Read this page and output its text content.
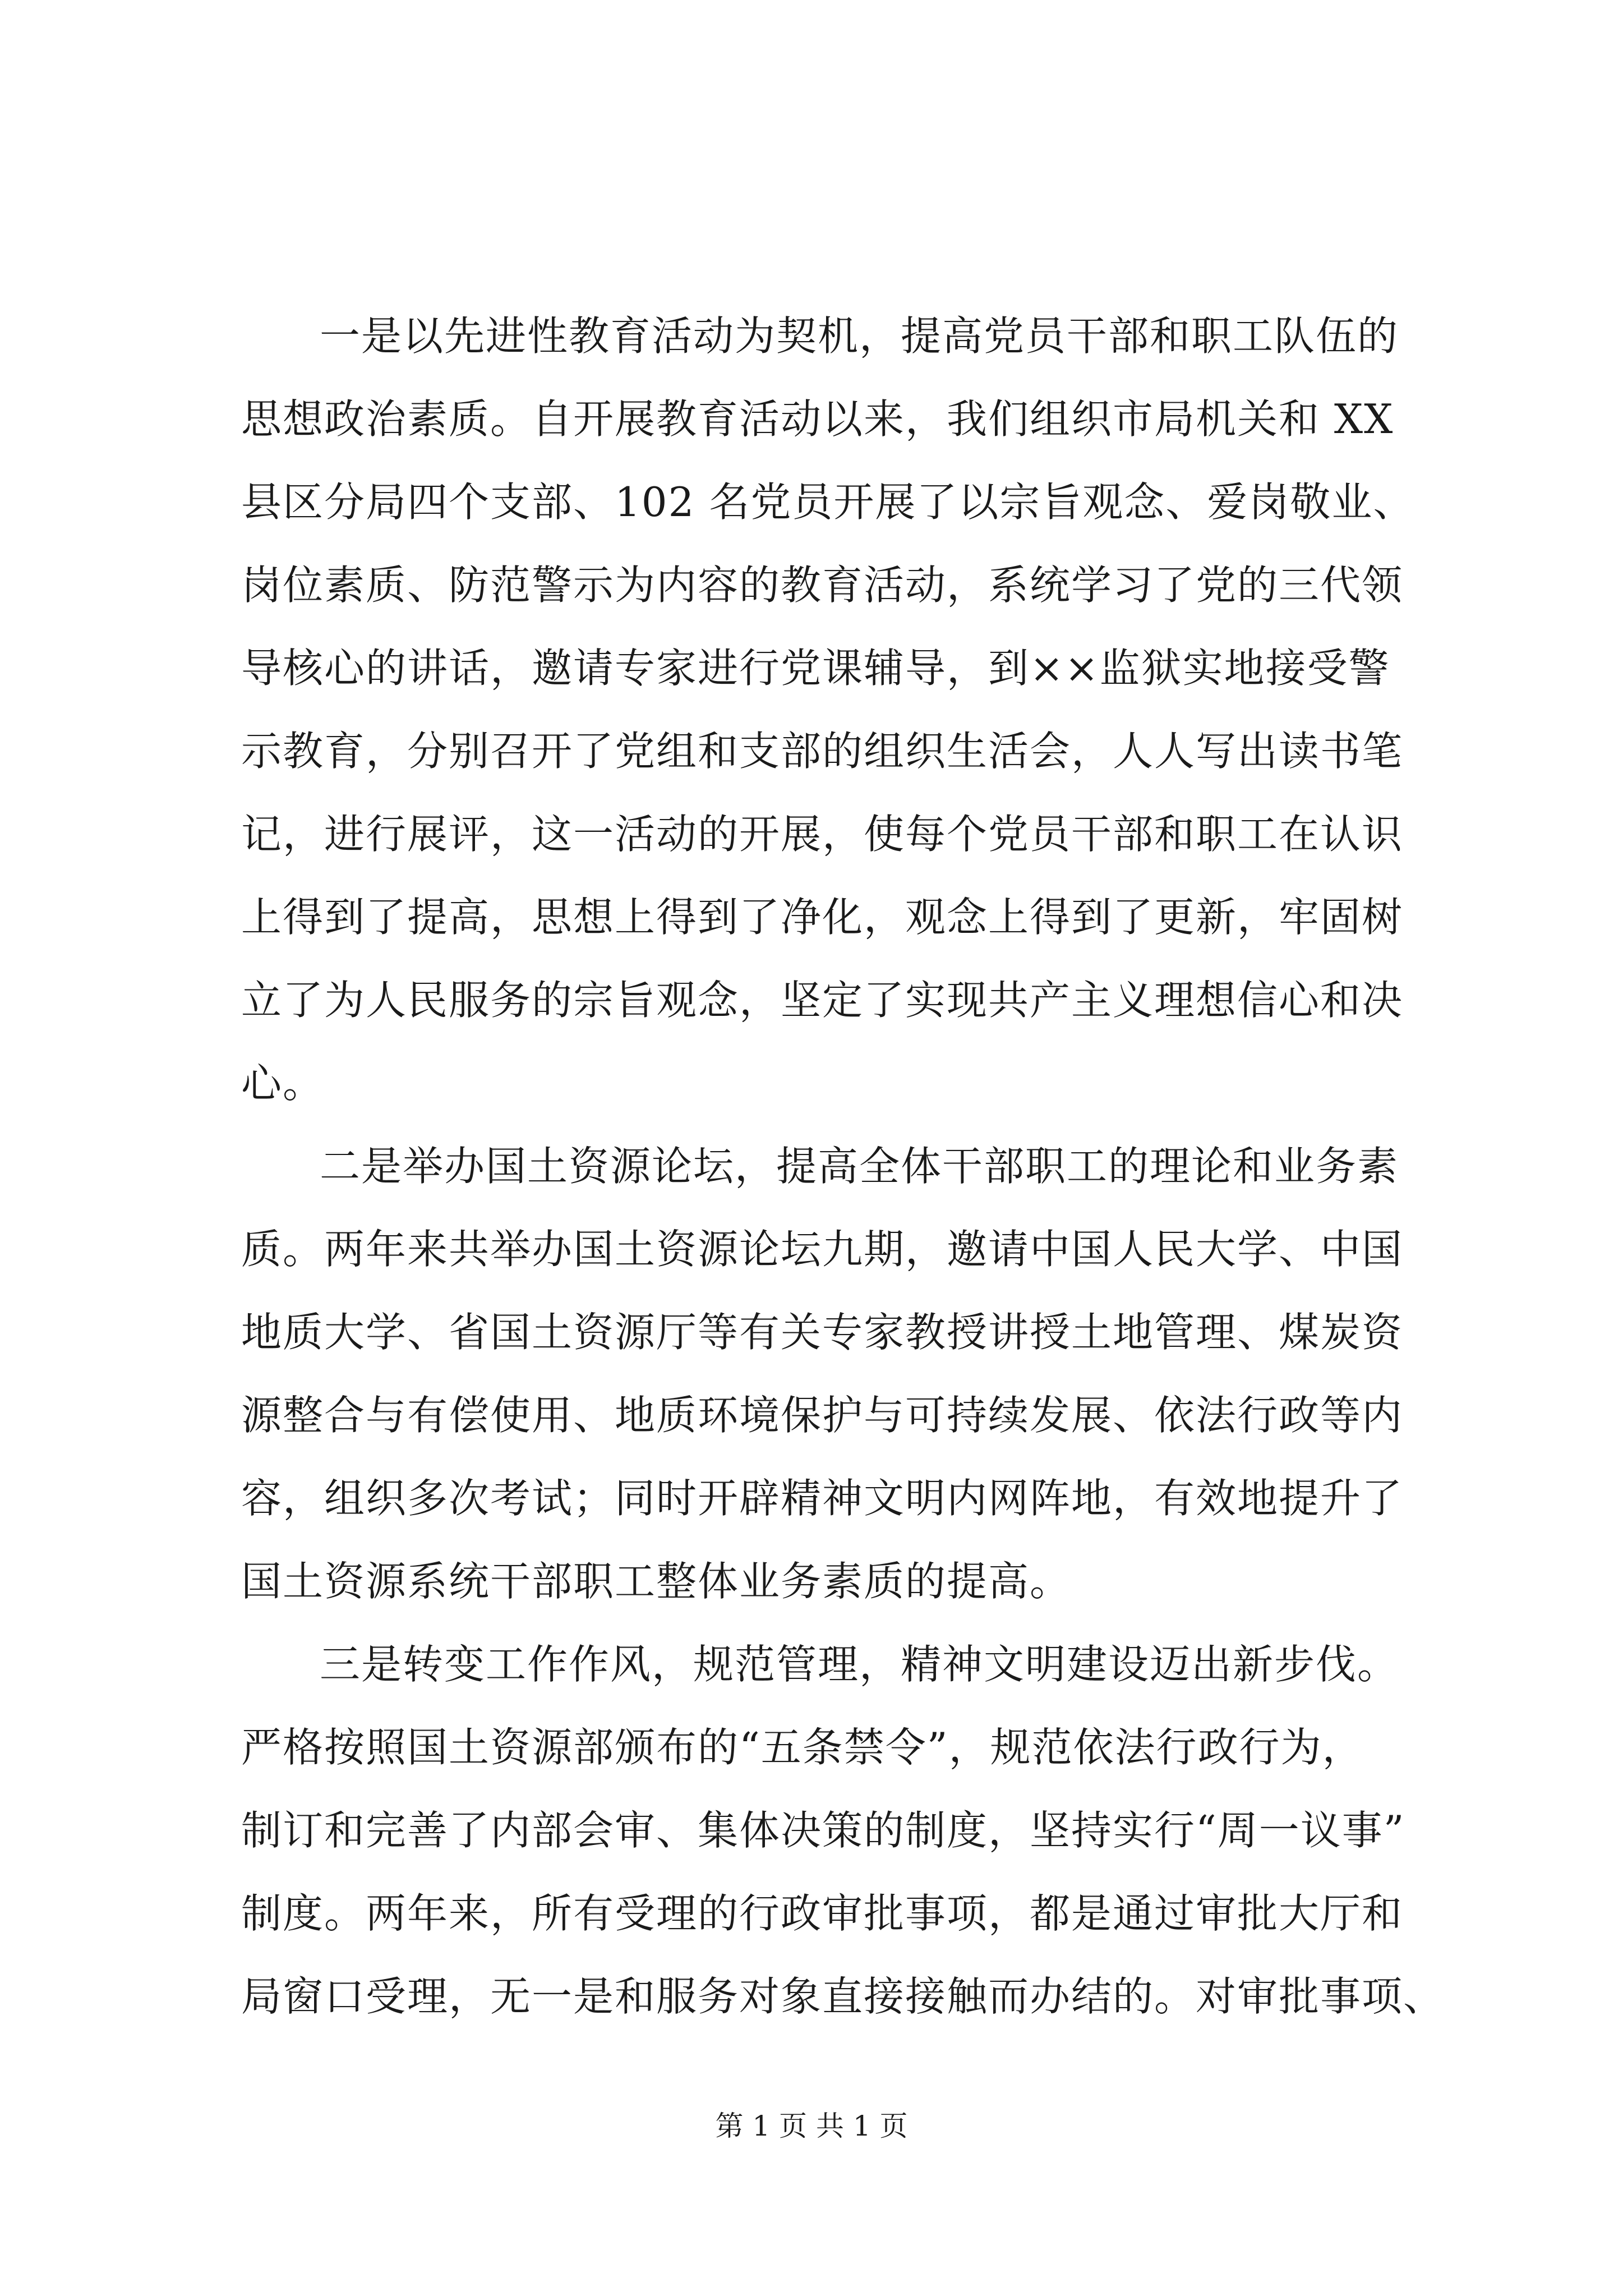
一是以先进性教育活动为契机，提高党员干部和职工队伍的
思想政治素质。自开展教育活动以来，我们组织市局机关和 XX
县区分局四个支部、102 名党员开展了以宗旨观念、爱岗敬业、
岗位素质、防范警示为内容的教育活动，系统学习了党的三代领
导核心的讲话，邀请专家进行党课辅导，到××监狱实地接受警
示教育，分别召开了党组和支部的组织生活会，人人写出读书笔
记，进行展评，这一活动的开展，使每个党员干部和职工在认识
上得到了提高，思想上得到了净化，观念上得到了更新，牢固树
立了为人民服务的宗旨观念，坚定了实现共产主义理想信心和决
心。
二是举办国土资源论坛，提高全体干部职工的理论和业务素
质。两年来共举办国土资源论坛九期，邀请中国人民大学、中国
地质大学、省国土资源厅等有关专家教授讲授土地管理、煤炭资
源整合与有偿使用、地质环境保护与可持续发展、依法行政等内
容，组织多次考试；同时开辟精神文明内网阵地，有效地提升了
国土资源系统干部职工整体业务素质的提高。
三是转变工作作风，规范管理，精神文明建设迈出新步伐。
严格按照国土资源部颁布的“五条禁令”，规范依法行政行为，
制订和完善了内部会审、集体决策的制度，坚持实行“周一议事”
制度。两年来，所有受理的行政审批事项，都是通过审批大厅和
局窗口受理，无一是和服务对象直接接触而办结的。对审批事项、
第 1 页 共 1 页
